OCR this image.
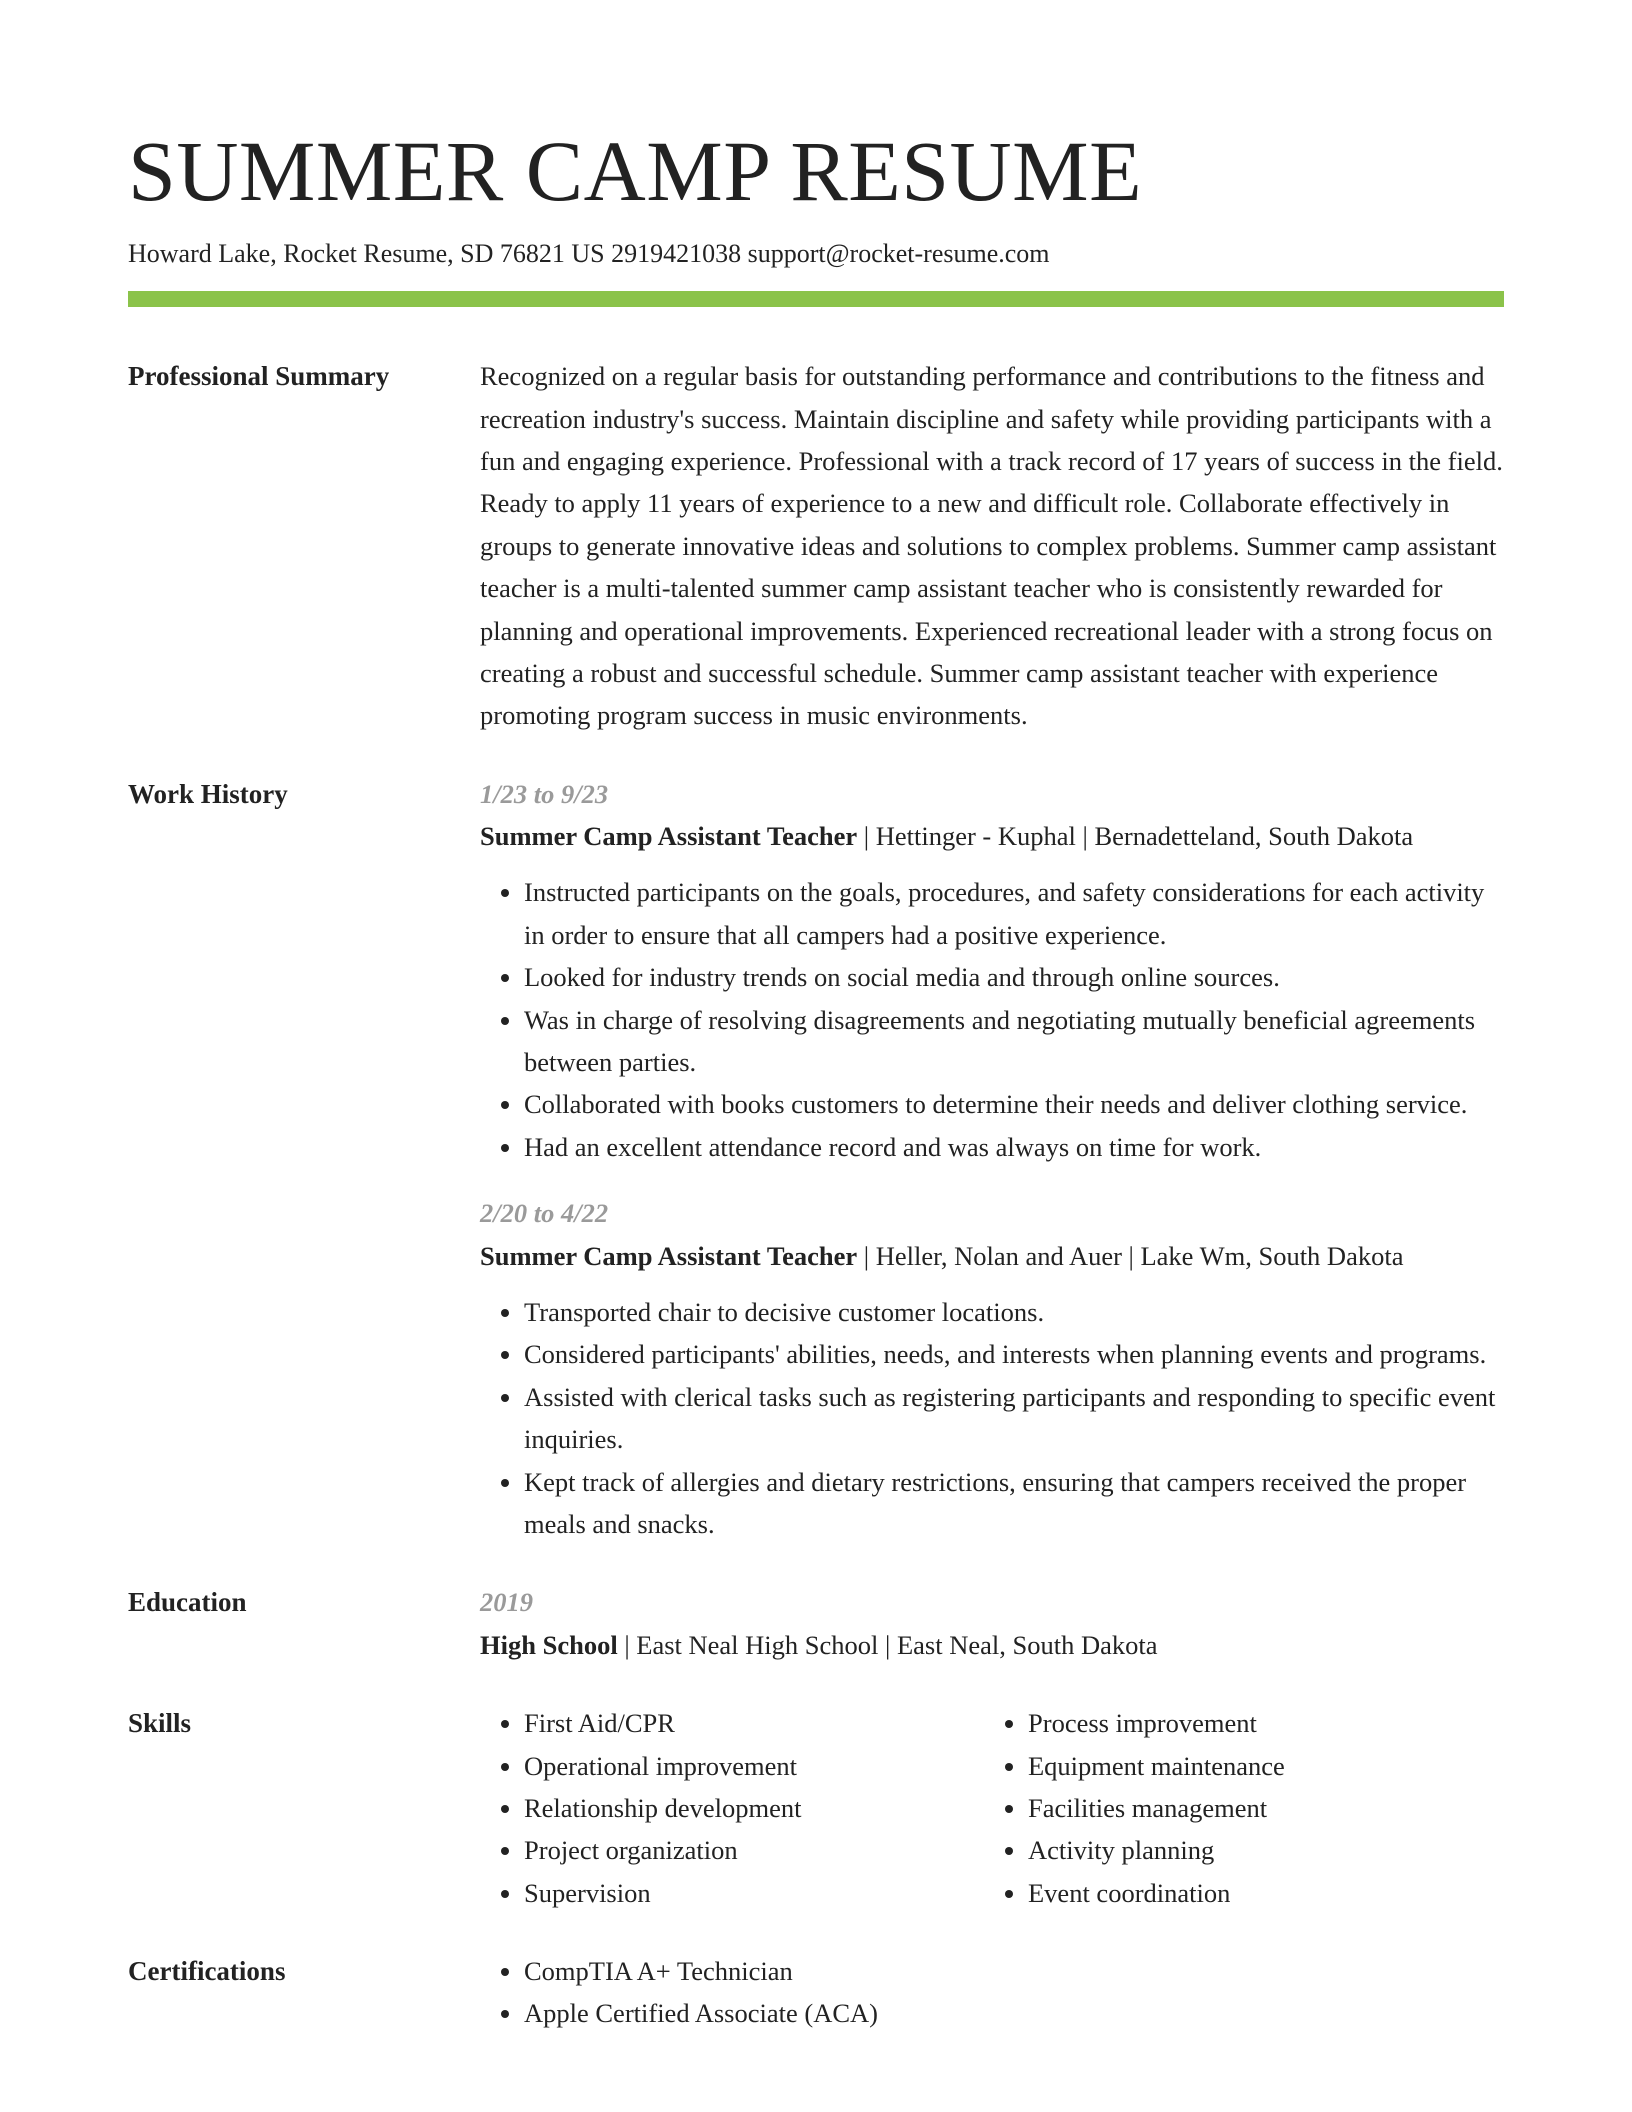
SUMMER CAMP RESUME
Howard Lake, Rocket Resume, SD 76821 US 2919421038 support@rocket-resume.com
Professional Summary	Recognized on a regular basis for outstanding performance and contributions to the fitness and recreation industry's success. Maintain discipline and safety while providing participants with a fun and engaging experience. Professional with a track record of 17 years of success in the field. Ready to apply 11 years of experience to a new and difficult role. Collaborate effectively in groups to generate innovative ideas and solutions to complex problems. Summer camp assistant teacher is a multi-talented summer camp assistant teacher who is consistently rewarded for planning and operational improvements. Experienced recreational leader with a strong focus on creating a robust and successful schedule. Summer camp assistant teacher with experience promoting program success in music environments.

Work History	1/23 to 9/23
Summer Camp Assistant Teacher | Hettinger - Kuphal | Bernadetteland, South Dakota
• Instructed participants on the goals, procedures, and safety considerations for each activity in order to ensure that all campers had a positive experience.
• Looked for industry trends on social media and through online sources.
• Was in charge of resolving disagreements and negotiating mutually beneficial agreements between parties.
• Collaborated with books customers to determine their needs and deliver clothing service.
• Had an excellent attendance record and was always on time for work.
2/20 to 4/22
Summer Camp Assistant Teacher | Heller, Nolan and Auer | Lake Wm, South Dakota
• Transported chair to decisive customer locations.
• Considered participants' abilities, needs, and interests when planning events and programs.
• Assisted with clerical tasks such as registering participants and responding to specific event inquiries.
• Kept track of allergies and dietary restrictions, ensuring that campers received the proper meals and snacks.
Education	2019
High School | East Neal High School | East Neal, South Dakota
Skills	• First Aid/CPR
• Operational improvement
• Relationship development
• Project organization
• Supervision
• Process improvement
• Equipment maintenance
• Facilities management
• Activity planning
• Event coordination
Certifications	• CompTIA A+ Technician
• Apple Certified Associate (ACA)
